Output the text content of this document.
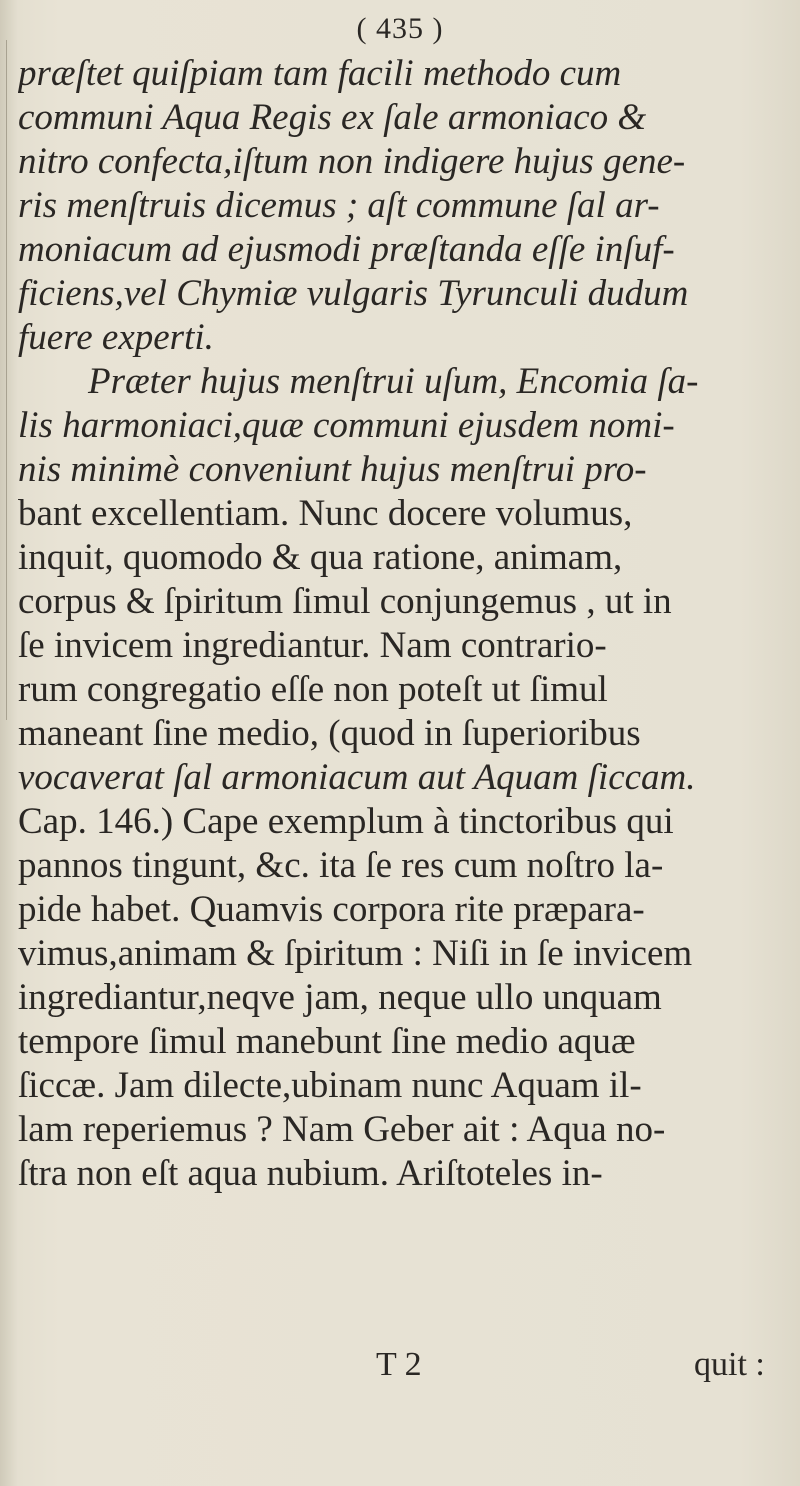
( 435 )
præſtet quiſpiam tam facili methodo cum
communi Aqua Regis ex ſale armoniaco &
nitro confecta,iſtum non indigere hujus gene-
ris menſtruis dicemus ; aſt commune ſal ar-
moniacum ad ejusmodi præſtanda eſſe inſuf-
ficiens,vel Chymiæ vulgaris Tyrunculi dudum
fuere experti.
Præter hujus menſtrui uſum, Encomia ſa-
lis harmoniaci,quæ communi ejusdem nomi-
nis minimè conveniunt hujus menſtrui pro-
bant excellentiam. Nunc docere volumus,
inquit, quomodo & qua ratione, animam,
corpus & ſpiritum ſimul conjungemus , ut in
ſe invicem ingrediantur. Nam contrario-
rum congregatio eſſe non poteſt ut ſimul
maneant ſine medio, (quod in ſuperioribus
vocaverat ſal armoniacum aut Aquam ſiccam.
Cap. 146.) Cape exemplum à tinctoribus qui
pannos tingunt, &c. ita ſe res cum noſtro la-
pide habet. Quamvis corpora rite præpara-
vimus,animam & ſpiritum : Niſi in ſe invicem
ingrediantur,neqve jam, neque ullo unquam
tempore ſimul manebunt ſine medio aquæ
ſiccæ. Jam dilecte,ubinam nunc Aquam il-
lam reperiemus ? Nam Geber ait : Aqua no-
ſtra non eſt aqua nubium. Ariſtoteles in-
T 2	quit :
